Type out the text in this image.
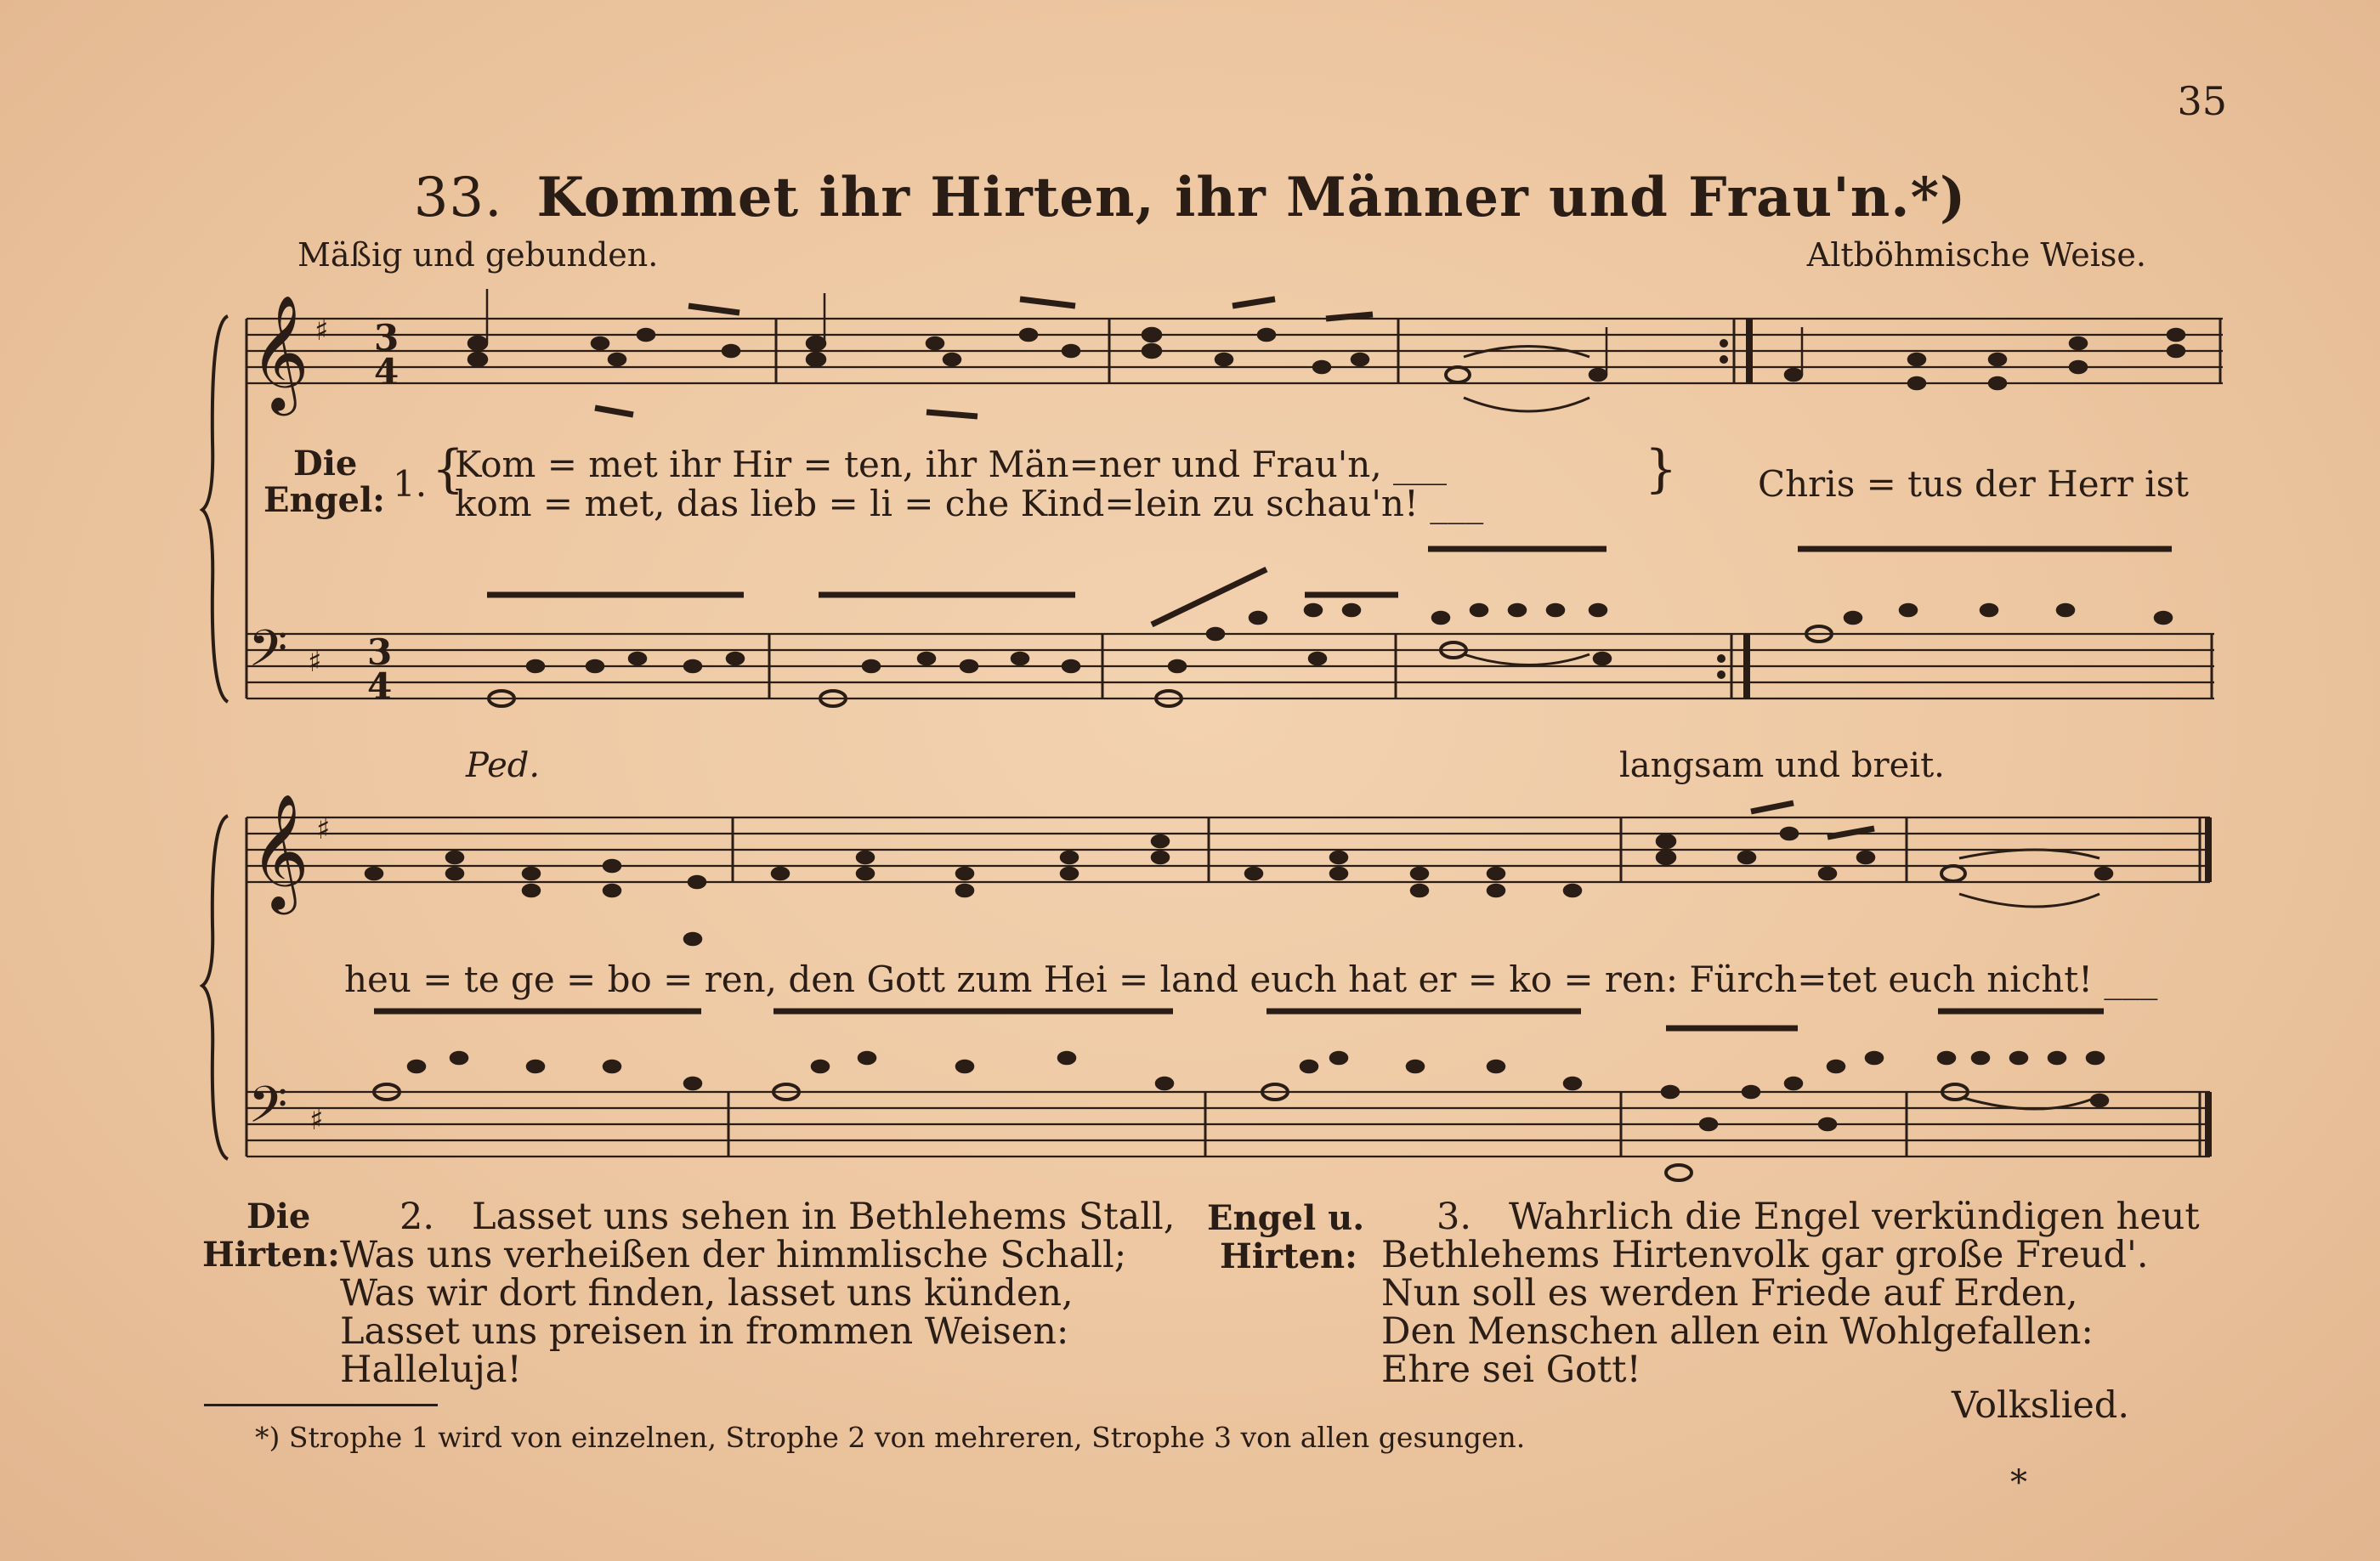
35
33. Kommet ihr Hirten, ihr Männer und Frau'n.*)
Mäßig und gebunden.	Altböhmische Weise.
𝄞
𝄞
𝄢
𝄢
♯
♯
♯
♯
3
4
3
4
Die
Engel: 1. {
Kom = met ihr Hir = ten, ihr Män=ner und Frau'n, ___
kom = met, das lieb = li = che Kind=lein zu schau'n! ___
} Chris = tus der Herr ist
Ped.	langsam und breit.
heu = te ge = bo = ren, den Gott zum Hei = land euch hat er = ko = ren: Fürch=tet euch nicht! ___
Die
Hirten:
2. Lasset uns sehen in Bethlehems Stall,
Was uns verheißen der himmlische Schall;
Was wir dort finden, lasset uns künden,
Lasset uns preisen in frommen Weisen:
Halleluja!
Engel u.
Hirten:
3. Wahrlich die Engel verkündigen heut
Bethlehems Hirtenvolk gar große Freud'.
Nun soll es werden Friede auf Erden,
Den Menschen allen ein Wohlgefallen:
Ehre sei Gott!
Volkslied.
*) Strophe 1 wird von einzelnen, Strophe 2 von mehreren, Strophe 3 von allen gesungen.
*
